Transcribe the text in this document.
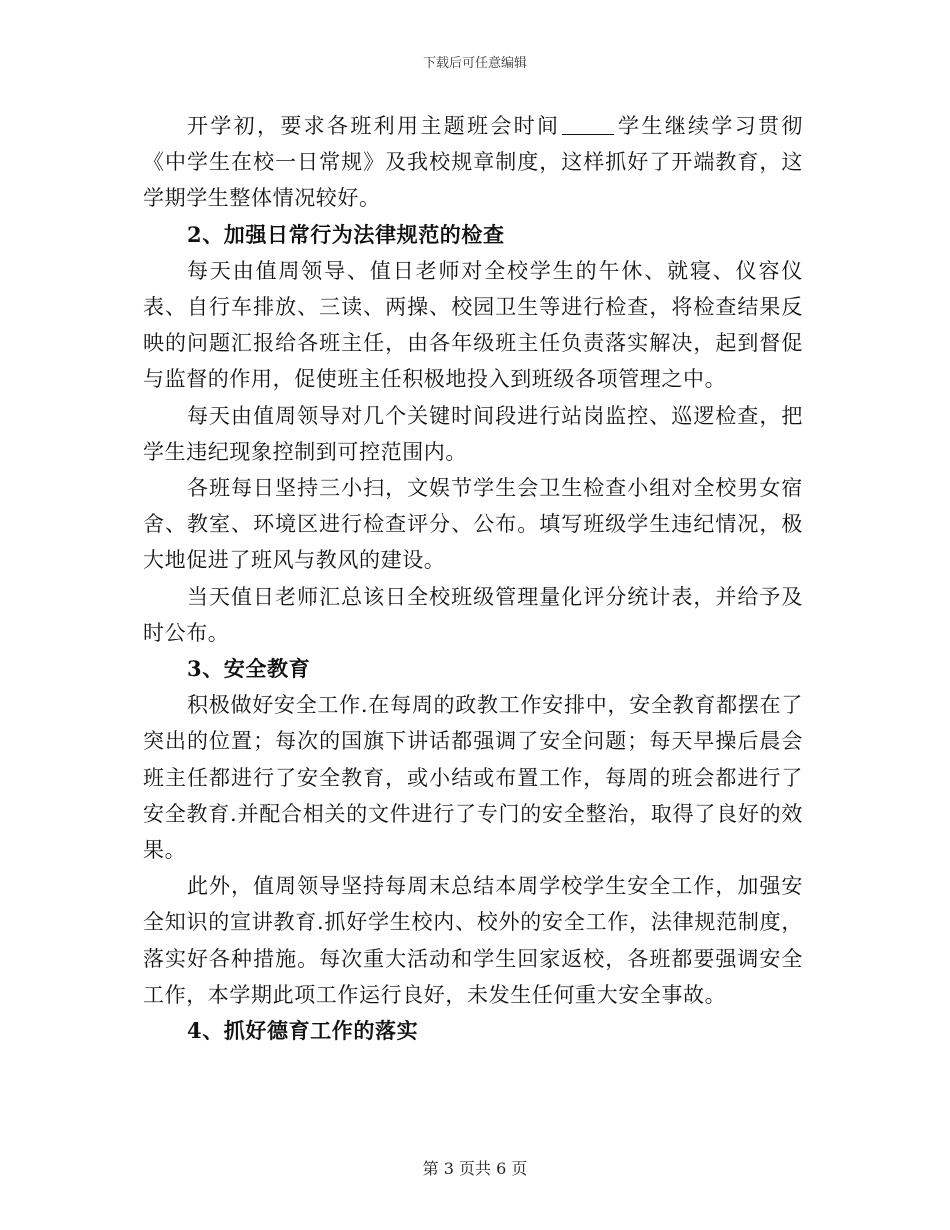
下载后可任意编辑

开学初，要求各班利用主题班会时间	学生继续学习贯彻《中学生在校一日常规》及我校规章制度，这样抓好了开端教育，这学期学生整体情况较好。

2、加强日常行为法律规范的检查

每天由值周领导、值日老师对全校学生的午休、就寝、仪容仪表、自行车排放、三读、两操、校园卫生等进行检查，将检查结果反映的问题汇报给各班主任，由各年级班主任负责落实解决，起到督促与监督的作用，促使班主任积极地投入到班级各项管理之中。

每天由值周领导对几个关键时间段进行站岗监控、巡逻检查，把学生违纪现象控制到可控范围内。

各班每日坚持三小扫，文娱节学生会卫生检查小组对全校男女宿舍、教室、环境区进行检查评分、公布。填写班级学生违纪情况，极大地促进了班风与教风的建设。

当天值日老师汇总该日全校班级管理量化评分统计表，并给予及时公布。

3、安全教育

积极做好安全工作.在每周的政教工作安排中，安全教育都摆在了突出的位置；每次的国旗下讲话都强调了安全问题；每天早操后晨会班主任都进行了安全教育，或小结或布置工作，每周的班会都进行了安全教育.并配合相关的文件进行了专门的安全整治，取得了良好的效果。

此外，值周领导坚持每周末总结本周学校学生安全工作，加强安全知识的宣讲教育.抓好学生校内、校外的安全工作，法律规范制度，落实好各种措施。每次重大活动和学生回家返校，各班都要强调安全工作，本学期此项工作运行良好，未发生任何重大安全事故。

4、抓好德育工作的落实

第 3 页共 6 页
